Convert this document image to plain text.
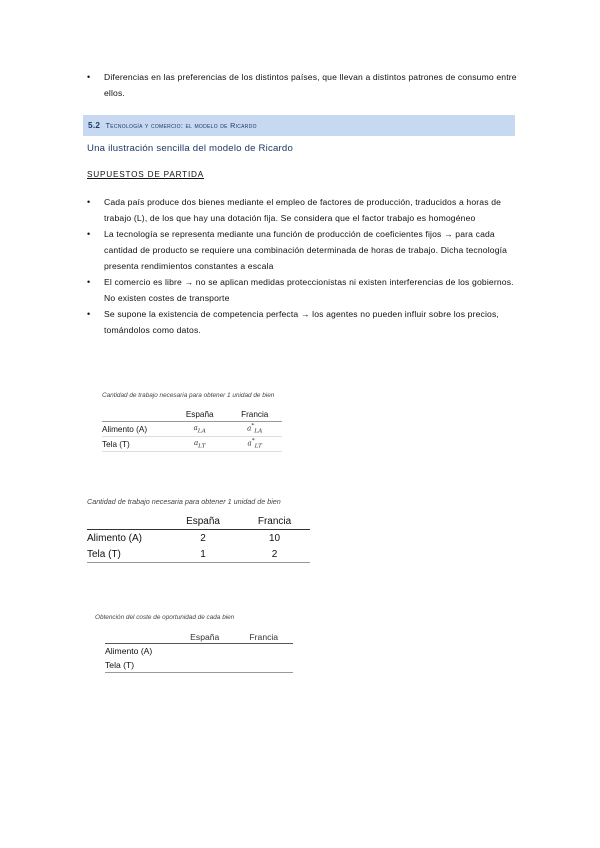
• Diferencias en las preferencias de los distintos países, que llevan a distintos patrones de consumo entre ellos.
5.2 Tecnología y comercio: el modelo de Ricardo
Una ilustración sencilla del modelo de Ricardo
SUPUESTOS DE PARTIDA
• Cada país produce dos bienes mediante el empleo de factores de producción, traducidos a horas de trabajo (L), de los que hay una dotación fija. Se considera que el factor trabajo es homogéneo
• La tecnología se representa mediante una función de producción de coeficientes fijos → para cada cantidad de producto se requiere una combinación determinada de horas de trabajo. Dicha tecnología presenta rendimientos constantes a escala
• El comercio es libre → no se aplican medidas proteccionistas ni existen interferencias de los gobiernos. No existen costes de transporte
• Se supone la existencia de competencia perfecta → los agentes no pueden influir sobre los precios, tomándolos como datos.
Cantidad de trabajo necesaria para obtener 1 unidad de bien
	España	Francia
Alimento (A)	$a_{LA}$	$a^*_{LA}$
Tela (T)	$a_{LT}$	$a^*_{LT}$
Cantidad de trabajo necesaria para obtener 1 unidad de bien
	España	Francia
Alimento (A)	2	10
Tela (T)	1	2
Obtención del coste de oportunidad de cada bien
	España	Francia
Alimento (A)		
Tela (T)		
